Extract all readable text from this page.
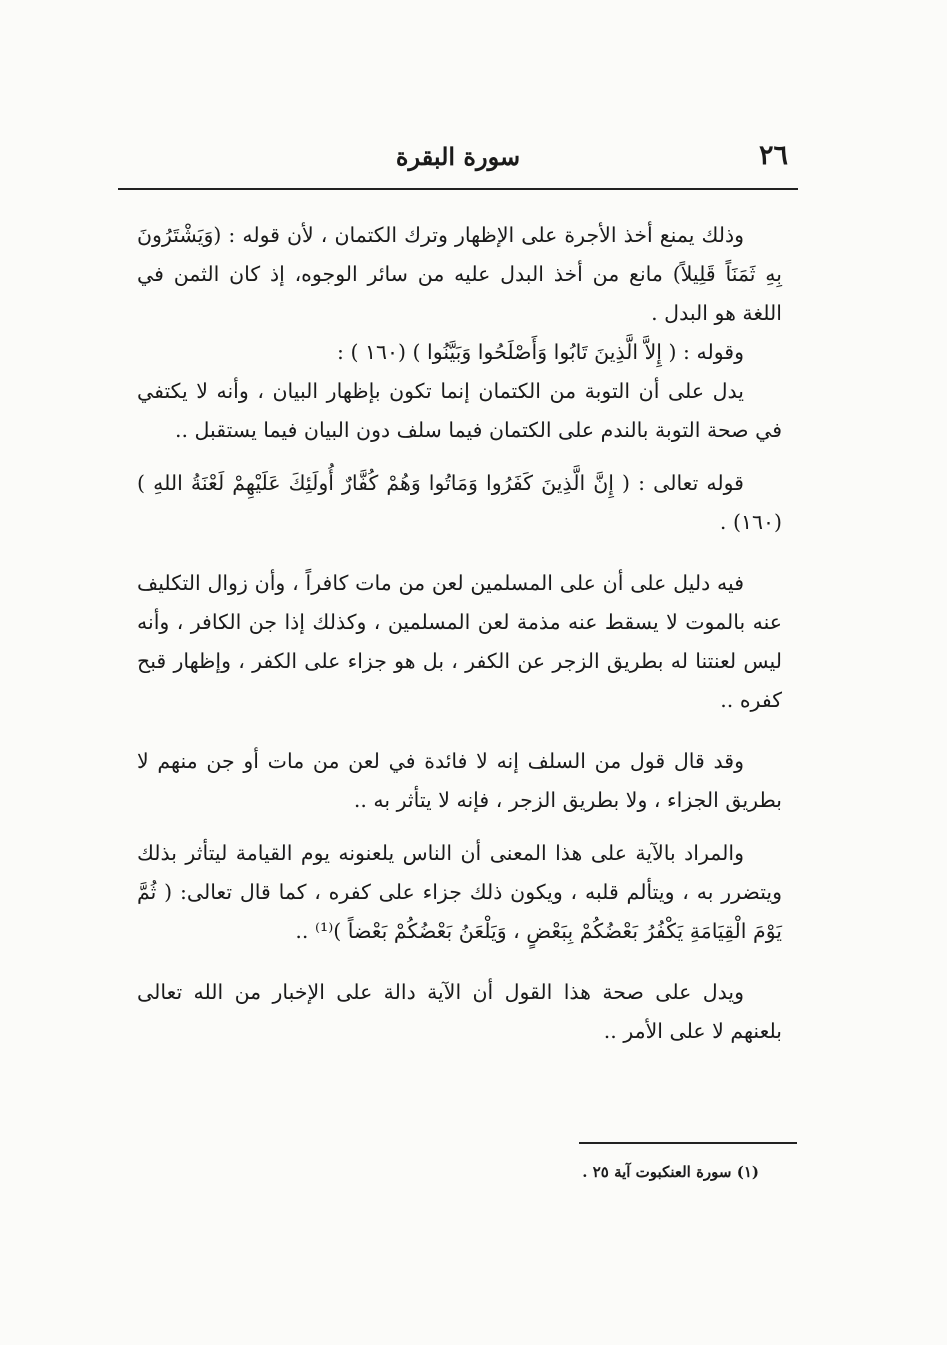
٢٦
سورة البقرة

وذلك يمنع أخذ الأجرة على الإظهار وترك الكتمان ، لأن قوله : (وَيَشْتَرُونَ بِهِ ثَمَنَاً قَلِيلاً) مانع من أخذ البدل عليه من سائر الوجوه، إذ كان الثمن في اللغة هو البدل .

وقوله : ( إِلاَّ الَّذِينَ تَابُوا وَأَصْلَحُوا وَبَيَّنُوا ) (١٦٠ ) :

يدل على أن التوبة من الكتمان إنما تكون بإظهار البيان ، وأنه لا يكتفي في صحة التوبة بالندم على الكتمان فيما سلف دون البيان فيما يستقبل ..

قوله تعالى : ( إِنَّ الَّذِينَ كَفَرُوا وَمَاتُوا وَهُمْ كُفَّارٌ أُولَئِكَ عَلَيْهِمْ لَعْنَةُ اللهِ ) (١٦٠) .

فيه دليل على أن على المسلمين لعن من مات كافراً ، وأن زوال التكليف عنه بالموت لا يسقط عنه مذمة لعن المسلمين ، وكذلك إذا جن الكافر ، وأنه ليس لعنتنا له بطريق الزجر عن الكفر ، بل هو جزاء على الكفر ، وإظهار قبح كفره ..

وقد قال قول من السلف إنه لا فائدة في لعن من مات أو جن منهم لا بطريق الجزاء ، ولا بطريق الزجر ، فإنه لا يتأثر به ..

والمراد بالآية على هذا المعنى أن الناس يلعنونه يوم القيامة ليتأثر بذلك ويتضرر به ، ويتألم قلبه ، ويكون ذلك جزاء على كفره ، كما قال تعالى: ( ثُمَّ يَوْمَ الْقِيَامَةِ يَكْفُرُ بَعْضُكُمْ بِبَعْضٍ ، وَيَلْعَنُ بَعْضُكُمْ بَعْضاً )⁽¹⁾ ..

ويدل على صحة هذا القول أن الآية دالة على الإخبار من الله تعالى بلعنهم لا على الأمر ..

(١) سورة العنكبوت آية ٢٥ .
